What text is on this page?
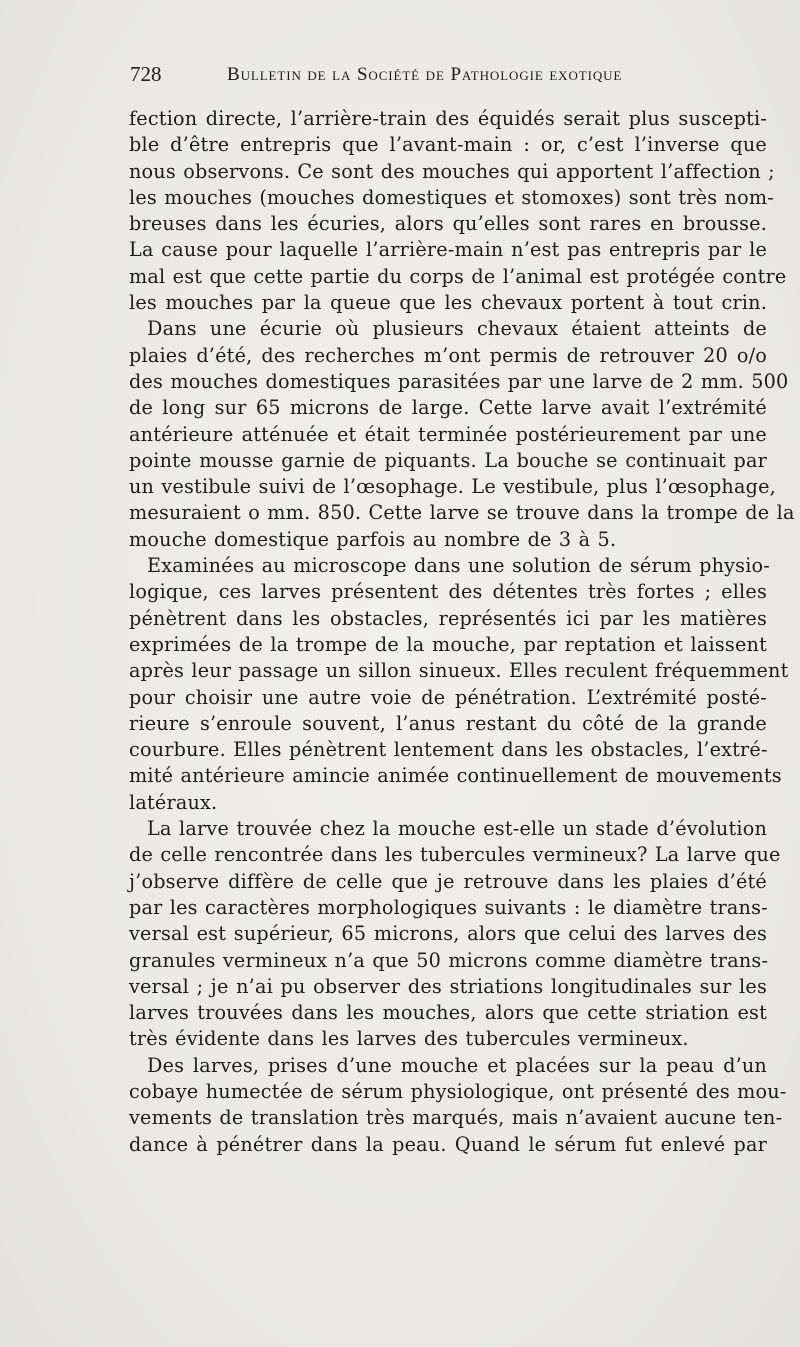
728	Bulletin de la Société de Pathologie exotique
fection directe, l’arrière-train des équidés serait plus suscepti-
ble d’être entrepris que l’avant-main : or, c’est l’inverse que
nous observons. Ce sont des mouches qui apportent l’affection ;
les mouches (mouches domestiques et stomoxes) sont très nom-
breuses dans les écuries, alors qu’elles sont rares en brousse.
La cause pour laquelle l’arrière-main n’est pas entrepris par le
mal est que cette partie du corps de l’animal est protégée contre
les mouches par la queue que les chevaux portent à tout crin.
Dans une écurie où plusieurs chevaux étaient atteints de
plaies d’été, des recherches m’ont permis de retrouver 20 o/o
des mouches domestiques parasitées par une larve de 2 mm. 500
de long sur 65 microns de large. Cette larve avait l’extrémité
antérieure atténuée et était terminée postérieurement par une
pointe mousse garnie de piquants. La bouche se continuait par
un vestibule suivi de l’œsophage. Le vestibule, plus l’œsophage,
mesuraient o mm. 850. Cette larve se trouve dans la trompe de la
mouche domestique parfois au nombre de 3 à 5.
Examinées au microscope dans une solution de sérum physio-
logique, ces larves présentent des détentes très fortes ; elles
pénètrent dans les obstacles, représentés ici par les matières
exprimées de la trompe de la mouche, par reptation et laissent
après leur passage un sillon sinueux. Elles reculent fréquemment
pour choisir une autre voie de pénétration. L’extrémité posté-
rieure s’enroule souvent, l’anus restant du côté de la grande
courbure. Elles pénètrent lentement dans les obstacles, l’extré-
mité antérieure amincie animée continuellement de mouvements
latéraux.
La larve trouvée chez la mouche est-elle un stade d’évolution
de celle rencontrée dans les tubercules vermineux? La larve que
j’observe diffère de celle que je retrouve dans les plaies d’été
par les caractères morphologiques suivants : le diamètre trans-
versal est supérieur, 65 microns, alors que celui des larves des
granules vermineux n’a que 50 microns comme diamètre trans-
versal ; je n’ai pu observer des striations longitudinales sur les
larves trouvées dans les mouches, alors que cette striation est
très évidente dans les larves des tubercules vermineux.
Des larves, prises d’une mouche et placées sur la peau d’un
cobaye humectée de sérum physiologique, ont présenté des mou-
vements de translation très marqués, mais n’avaient aucune ten-
dance à pénétrer dans la peau. Quand le sérum fut enlevé par
